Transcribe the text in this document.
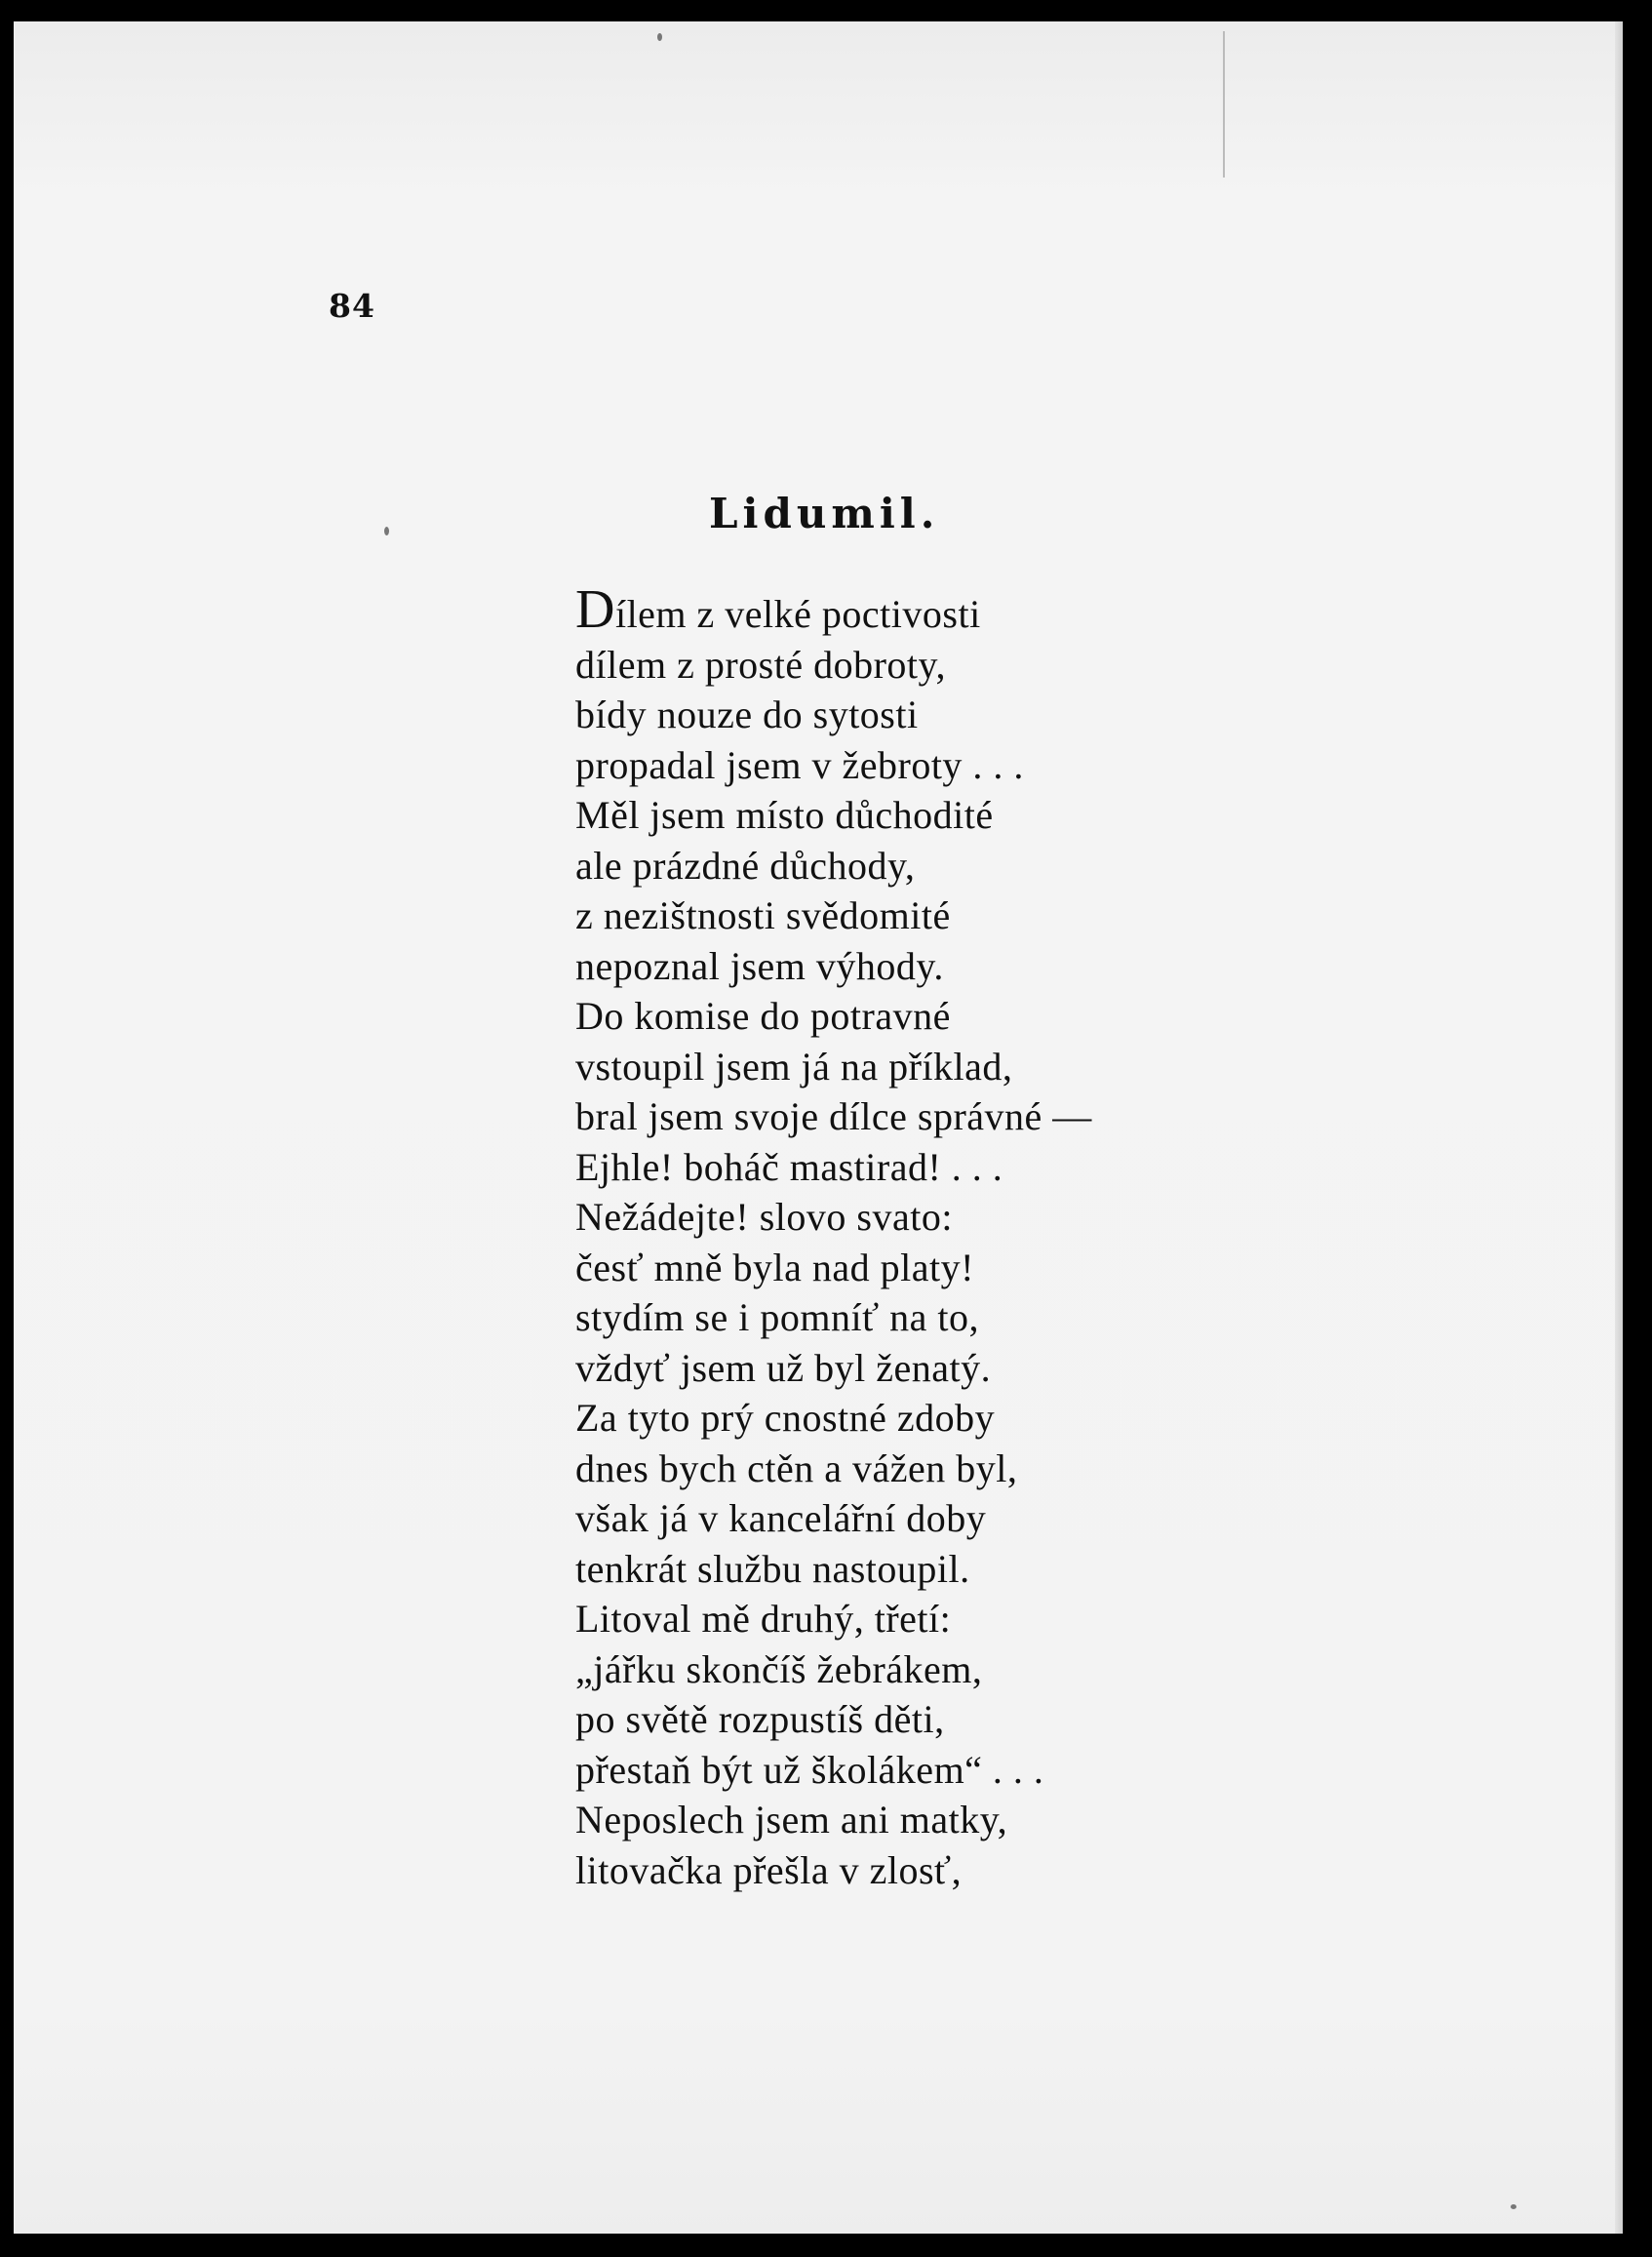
84
Lidumil.
Dílem z velké poctivosti
dílem z prosté dobroty,
bídy nouze do sytosti
propadal jsem v žebroty . . .
Měl jsem místo důchodité
ale prázdné důchody,
z nezištnosti svědomité
nepoznal jsem výhody.
Do komise do potravné
vstoupil jsem já na příklad,
bral jsem svoje dílce správné —
Ejhle! boháč mastirad! . . .
Nežádejte! slovo svato:
česť mně byla nad platy!
stydím se i pomníť na to,
vždyť jsem už byl ženatý.
Za tyto prý cnostné zdoby
dnes bych ctěn a vážen byl,
však já v kancelářní doby
tenkrát službu nastoupil.
Litoval mě druhý, třetí:
„jářku skončíš žebrákem,
po světě rozpustíš děti,
přestaň být už školákem“ . . .
Neposlech jsem ani matky,
litovačka přešla v zlosť,
